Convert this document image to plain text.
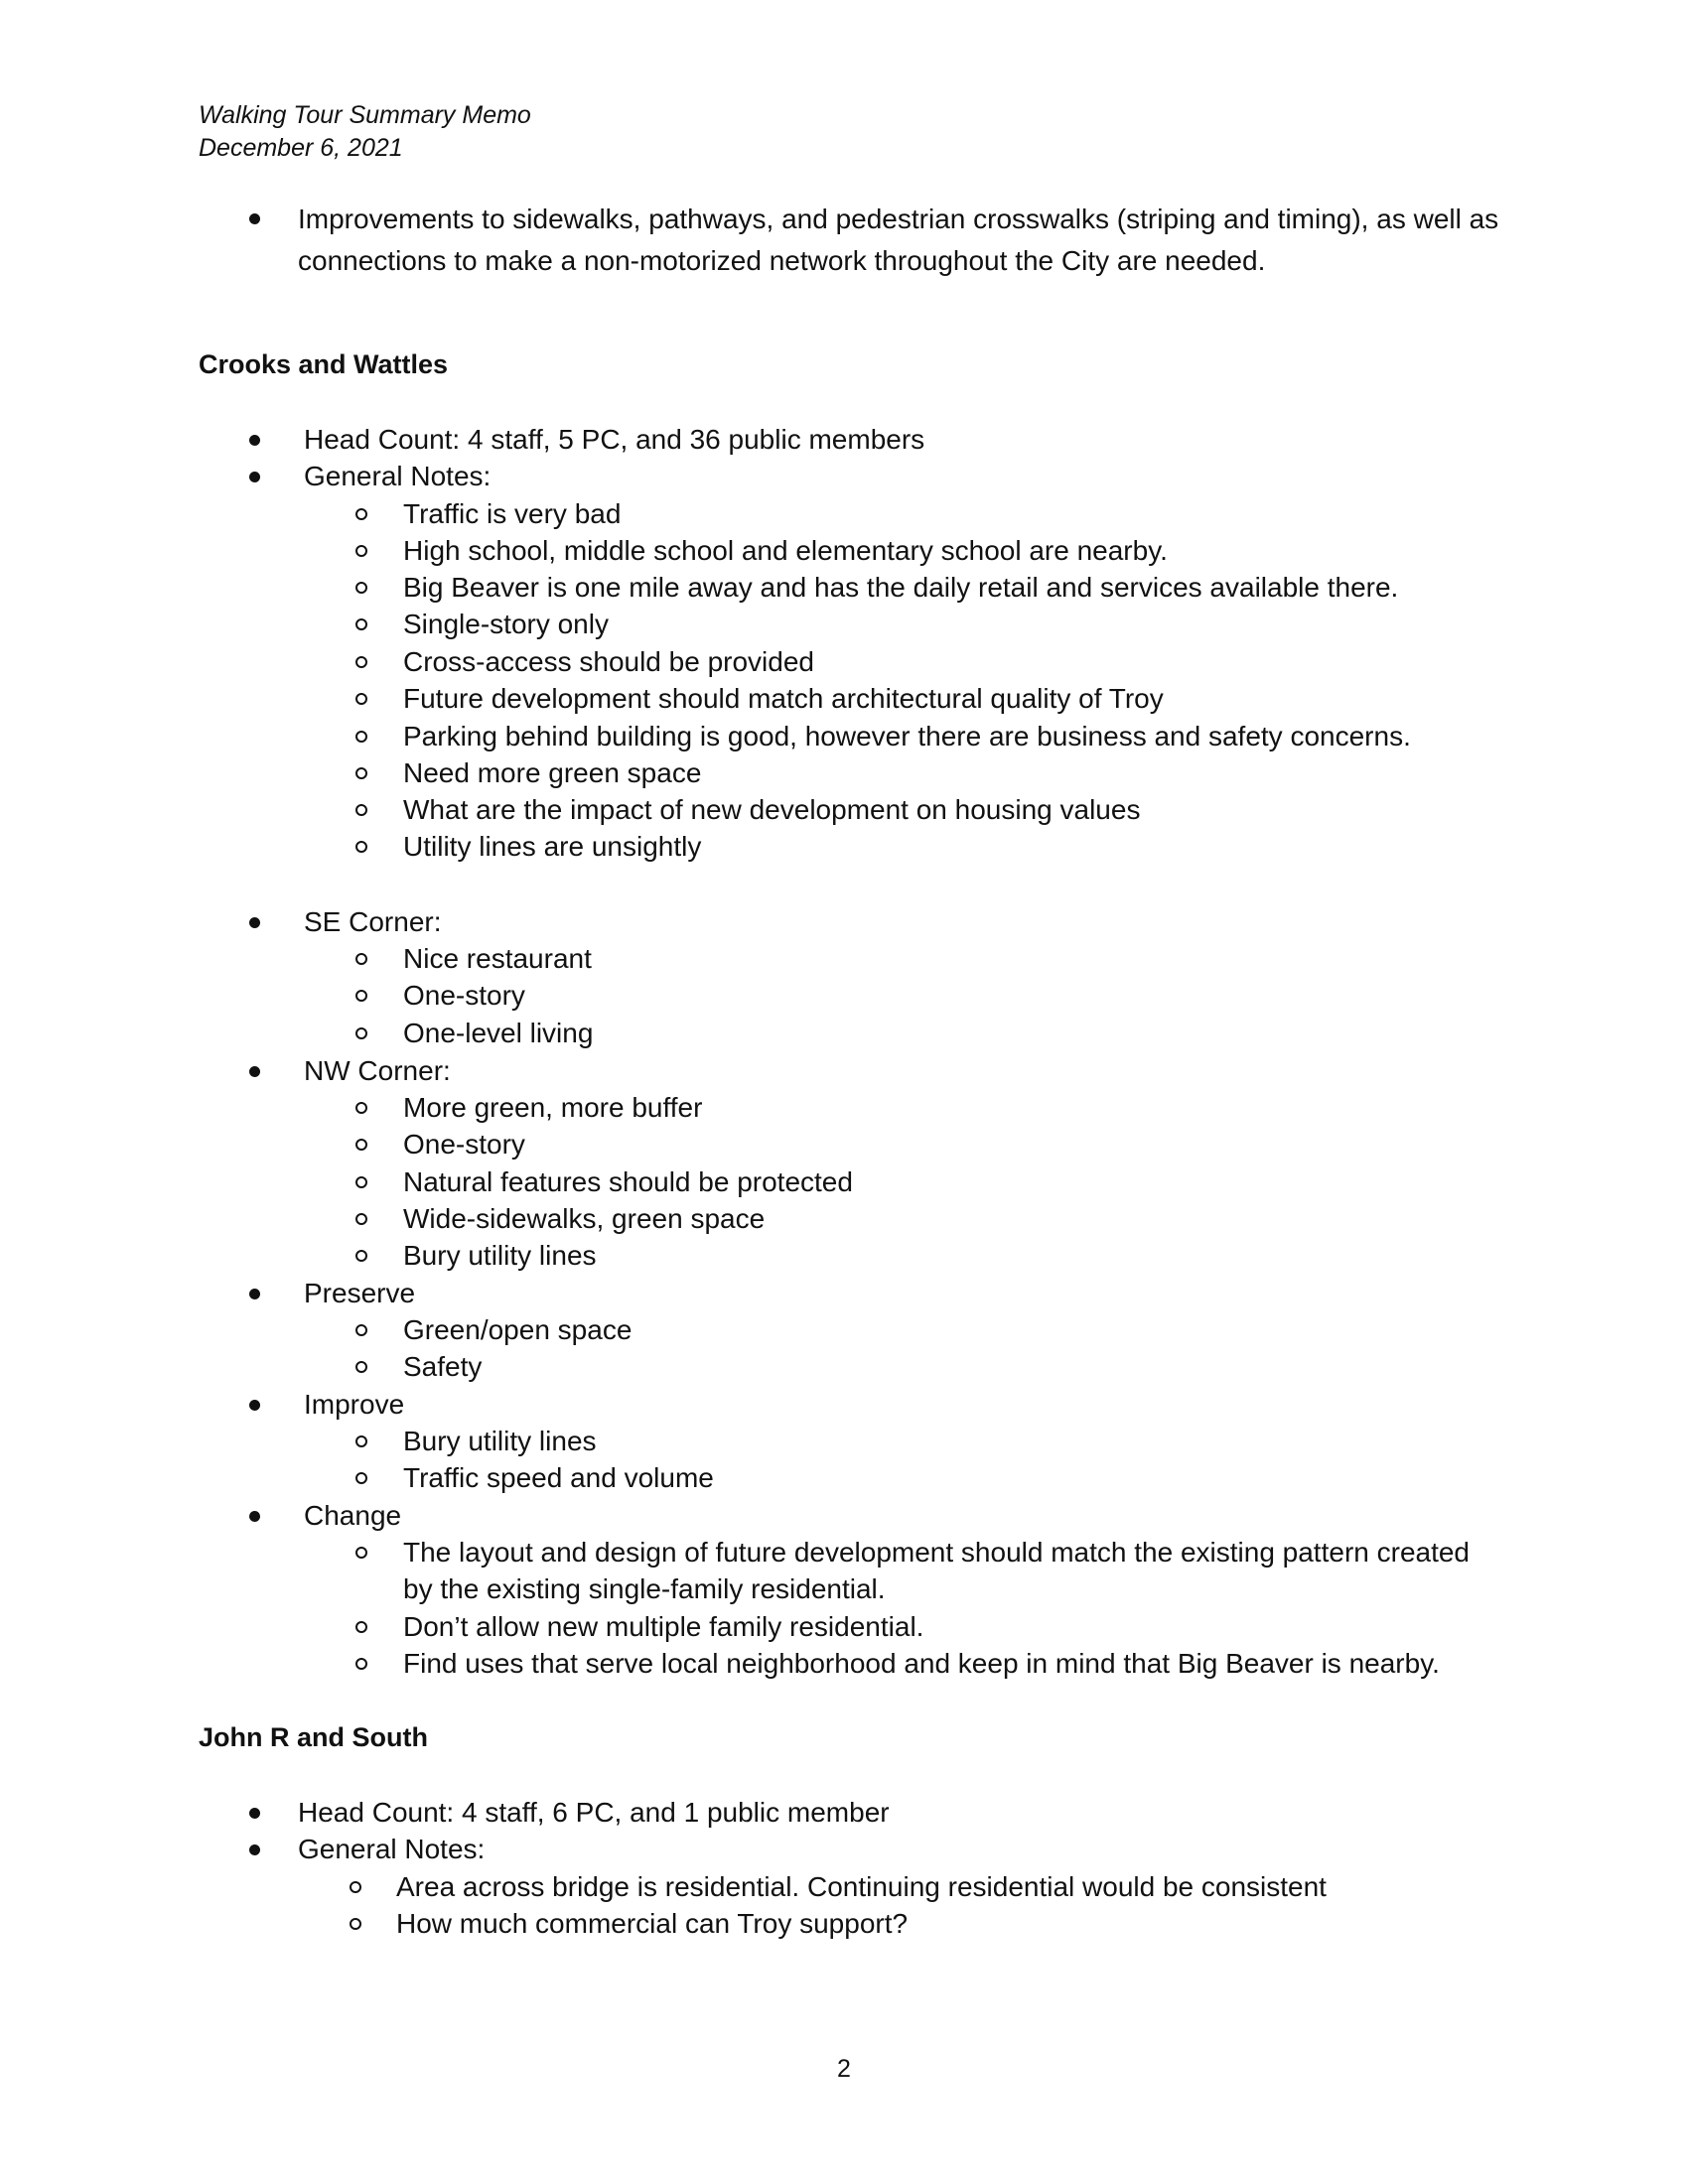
Walking Tour Summary Memo
December 6, 2021
Improvements to sidewalks, pathways, and pedestrian crosswalks (striping and timing), as well as
connections to make a non-motorized network throughout the City are needed.
Crooks and Wattles
Head Count: 4 staff, 5 PC, and 36 public members
General Notes:
Traffic is very bad
High school, middle school and elementary school are nearby.
Big Beaver is one mile away and has the daily retail and services available there.
Single-story only
Cross-access should be provided
Future development should match architectural quality of Troy
Parking behind building is good, however there are business and safety concerns.
Need more green space
What are the impact of new development on housing values
Utility lines are unsightly
SE Corner:
Nice restaurant
One-story
One-level living
NW Corner:
More green, more buffer
One-story
Natural features should be protected
Wide-sidewalks, green space
Bury utility lines
Preserve
Green/open space
Safety
Improve
Bury utility lines
Traffic speed and volume
Change
The layout and design of future development should match the existing pattern created
by the existing single-family residential.
Don’t allow new multiple family residential.
Find uses that serve local neighborhood and keep in mind that Big Beaver is nearby.
John R and South
Head Count: 4 staff, 6 PC, and 1 public member
General Notes:
Area across bridge is residential. Continuing residential would be consistent
How much commercial can Troy support?
2
